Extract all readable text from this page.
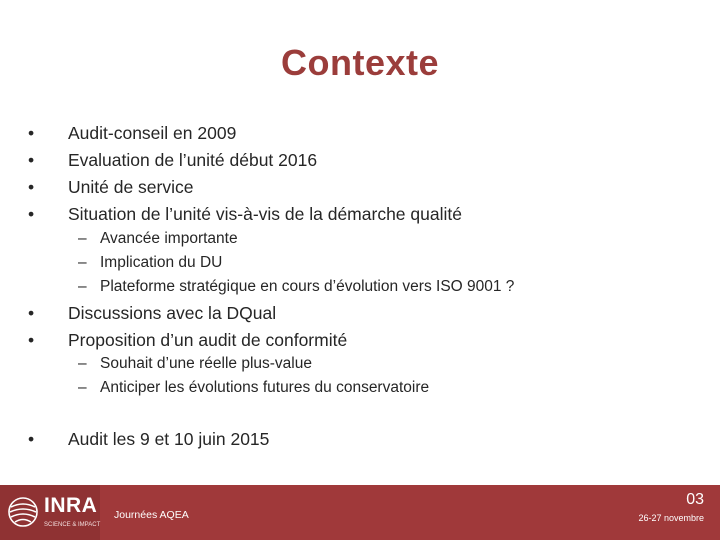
Contexte
• Audit-conseil en 2009
• Evaluation de l’unité début 2016
• Unité de service
• Situation de l’unité vis-à-vis de la démarche qualité
– Avancée importante
– Implication du DU
– Plateforme stratégique en cours d’évolution vers ISO 9001 ?
• Discussions avec la DQual
• Proposition d’un audit de conformité
– Souhait d’une réelle plus-value
– Anticiper les évolutions futures du conservatoire
• Audit les 9 et 10 juin 2015
INRA
SCIENCE & IMPACT
Journées AQEA
03
26-27 novembre
